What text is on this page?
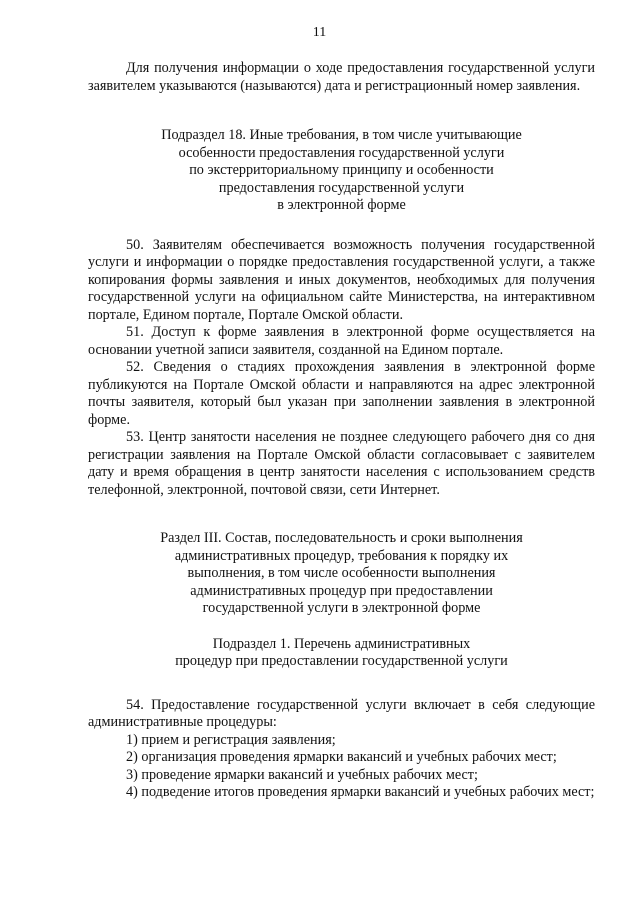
11

Для получения информации о ходе предоставления государственной услуги заявителем указываются (называются) дата и регистрационный номер заявления.

Подраздел 18. Иные требования, в том числе учитывающие
особенности предоставления государственной услуги
по экстерриториальному принципу и особенности
предоставления государственной услуги
в электронной форме

50. Заявителям обеспечивается возможность получения государственной услуги и информации о порядке предоставления государственной услуги, а также копирования формы заявления и иных документов, необходимых для получения государственной услуги на официальном сайте Министерства, на интерактивном портале, Едином портале, Портале Омской области.

51. Доступ к форме заявления в электронной форме осуществляется на основании учетной записи заявителя, созданной на Едином портале.

52. Сведения о стадиях прохождения заявления в электронной форме публикуются на Портале Омской области и направляются на адрес электронной почты заявителя, который был указан при заполнении заявления в электронной форме.

53. Центр занятости населения не позднее следующего рабочего дня со дня регистрации заявления на Портале Омской области согласовывает с заявителем дату и время обращения в центр занятости населения с использованием средств телефонной, электронной, почтовой связи, сети Интернет.

Раздел III. Состав, последовательность и сроки выполнения
административных процедур, требования к порядку их
выполнения, в том числе особенности выполнения
административных процедур при предоставлении
государственной услуги в электронной форме
Подраздел 1. Перечень административных
процедур при предоставлении государственной услуги

54. Предоставление государственной услуги включает в себя следующие административные процедуры:

1) прием и регистрация заявления;

2) организация проведения ярмарки вакансий и учебных рабочих мест;

3) проведение ярмарки вакансий и учебных рабочих мест;

4) подведение итогов проведения ярмарки вакансий и учебных рабочих мест;
